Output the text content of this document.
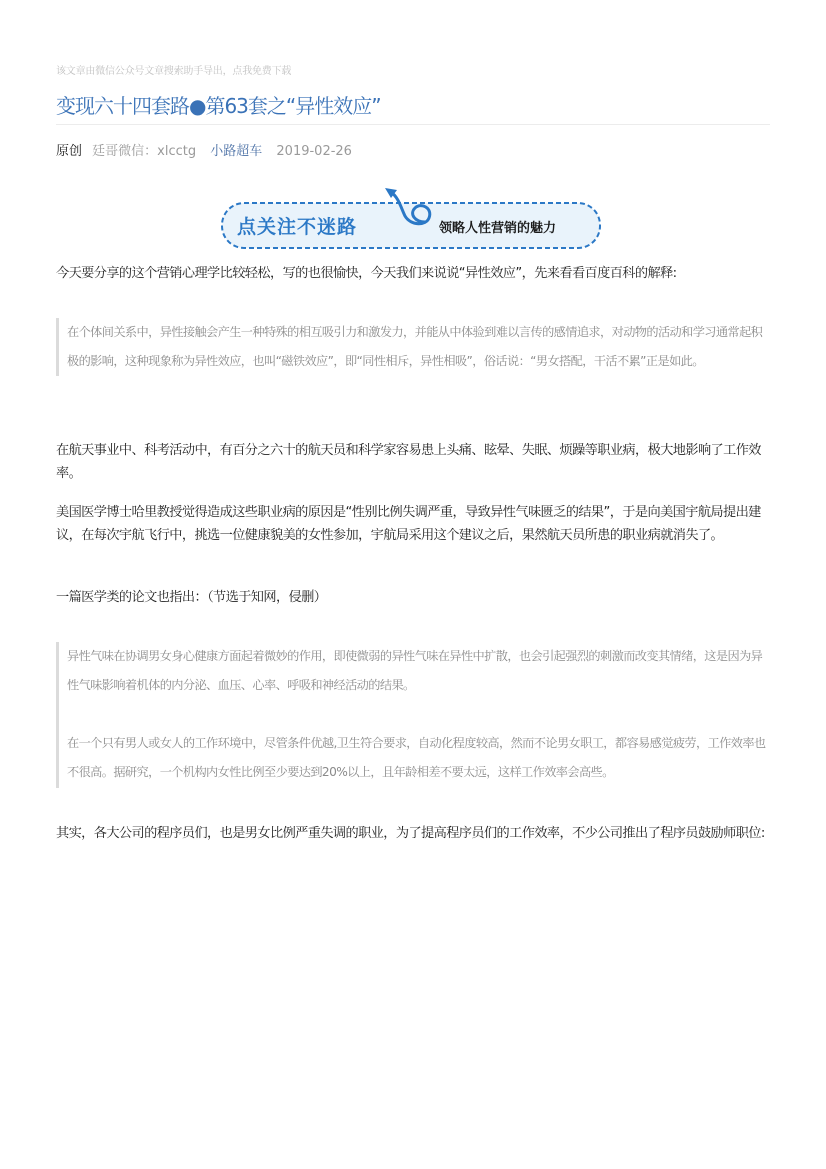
该文章由微信公众号文章搜索助手导出，点我免费下载
变现六十四套路●第63套之“异性效应”
原创 廷哥微信：xlcctg 小路超车 2019-02-26
点关注不迷路	领略人性营销的魅力

今天要分享的这个营销心理学比较轻松，写的也很愉快，今天我们来说说“异性效应”，先来看看百度百科的解释:

在个体间关系中，异性接触会产生一种特殊的相互吸引力和激发力，并能从中体验到难以言传的感情追求，对动物的活动和学习通常起积极的影响，这种现象称为异性效应，也叫“磁铁效应”，即“同性相斥，异性相吸”，俗话说：“男女搭配，干活不累”正是如此。

在航天事业中、科考活动中，有百分之六十的航天员和科学家容易患上头痛、眩晕、失眠、烦躁等职业病，极大地影响了工作效率。

美国医学博士哈里教授觉得造成这些职业病的原因是“性别比例失调严重，导致异性气味匮乏的结果”，于是向美国宇航局提出建议，在每次宇航飞行中，挑选一位健康貌美的女性参加，宇航局采用这个建议之后，果然航天员所患的职业病就消失了。

一篇医学类的论文也指出：（节选于知网，侵删）

异性气味在协调男女身心健康方面起着微妙的作用，即使微弱的异性气味在异性中扩散，也会引起强烈的刺激而改变其情绪，这是因为异性气味影响着机体的内分泌、血压、心率、呼吸和神经活动的结果。

在一个只有男人或女人的工作环境中，尽管条件优越,卫生符合要求，自动化程度较高，然而不论男女职工，都容易感觉疲劳，工作效率也不很高。据研究，一个机构内女性比例至少要达到20%以上，且年龄相差不要太远，这样工作效率会高些。

其实，各大公司的程序员们，也是男女比例严重失调的职业，为了提高程序员们的工作效率，不少公司推出了程序员鼓励师职位:
